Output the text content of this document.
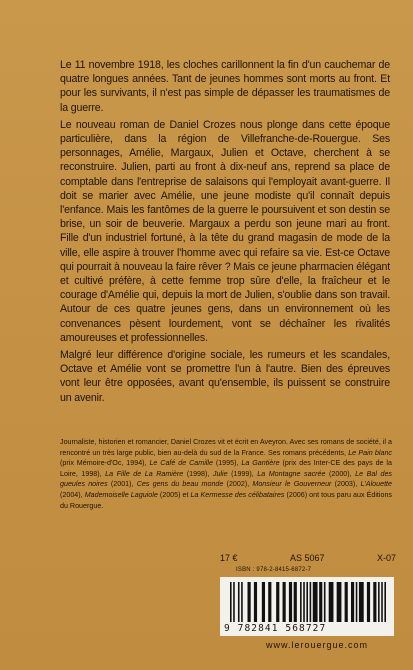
Le 11 novembre 1918, les cloches carillonnent la fin d'un cauchemar de quatre longues années. Tant de jeunes hommes sont morts au front. Et pour les survivants, il n'est pas simple de dépasser les traumatismes de la guerre.

Le nouveau roman de Daniel Crozes nous plonge dans cette époque particulière, dans la région de Villefranche-de-Rouergue. Ses personnages, Amélie, Margaux, Julien et Octave, cherchent à se reconstruire. Julien, parti au front à dix-neuf ans, reprend sa place de comptable dans l'entreprise de salaisons qui l'employait avant-guerre. Il doit se marier avec Amélie, une jeune modiste qu'il connaît depuis l'enfance. Mais les fantômes de la guerre le poursuivent et son destin se brise, un soir de beuverie. Margaux a perdu son jeune mari au front. Fille d'un industriel fortuné, à la tête du grand magasin de mode de la ville, elle aspire à trouver l'homme avec qui refaire sa vie. Est-ce Octave qui pourrait à nouveau la faire rêver ? Mais ce jeune pharmacien élégant et cultivé préfère, à cette femme trop sûre d'elle, la fraîcheur et le courage d'Amélie qui, depuis la mort de Julien, s'oublie dans son travail. Autour de ces quatre jeunes gens, dans un environnement où les convenances pèsent lourdement, vont se déchaîner les rivalités amoureuses et professionnelles.

Malgré leur différence d'origine sociale, les rumeurs et les scandales, Octave et Amélie vont se promettre l'un à l'autre. Bien des épreuves vont leur être opposées, avant qu'ensemble, ils puissent se construire un avenir.

Journaliste, historien et romancier, Daniel Crozes vit et écrit en Aveyron. Avec ses romans de société, il a rencontré un très large public, bien au-delà du sud de la France. Ses romans précédents, Le Pain blanc (prix Mémoire-d'Oc, 1994), Le Café de Camille (1995), La Gantière (prix des Inter-CE des pays de la Loire, 1998), La Fille de La Ramière (1998), Julie (1999), La Montagne sacrée (2000), Le Bal des gueules noires (2001), Ces gens du beau monde (2002), Monsieur le Gouverneur (2003), L'Alouette (2004), Mademoiselle Laguiole (2005) et La Kermesse des célibataires (2006) ont tous paru aux Éditions du Rouergue.

17 €	AS 5067	X-07
ISBN : 978-2-8415-6872-7
9 782841 568727
www.lerouergue.com
